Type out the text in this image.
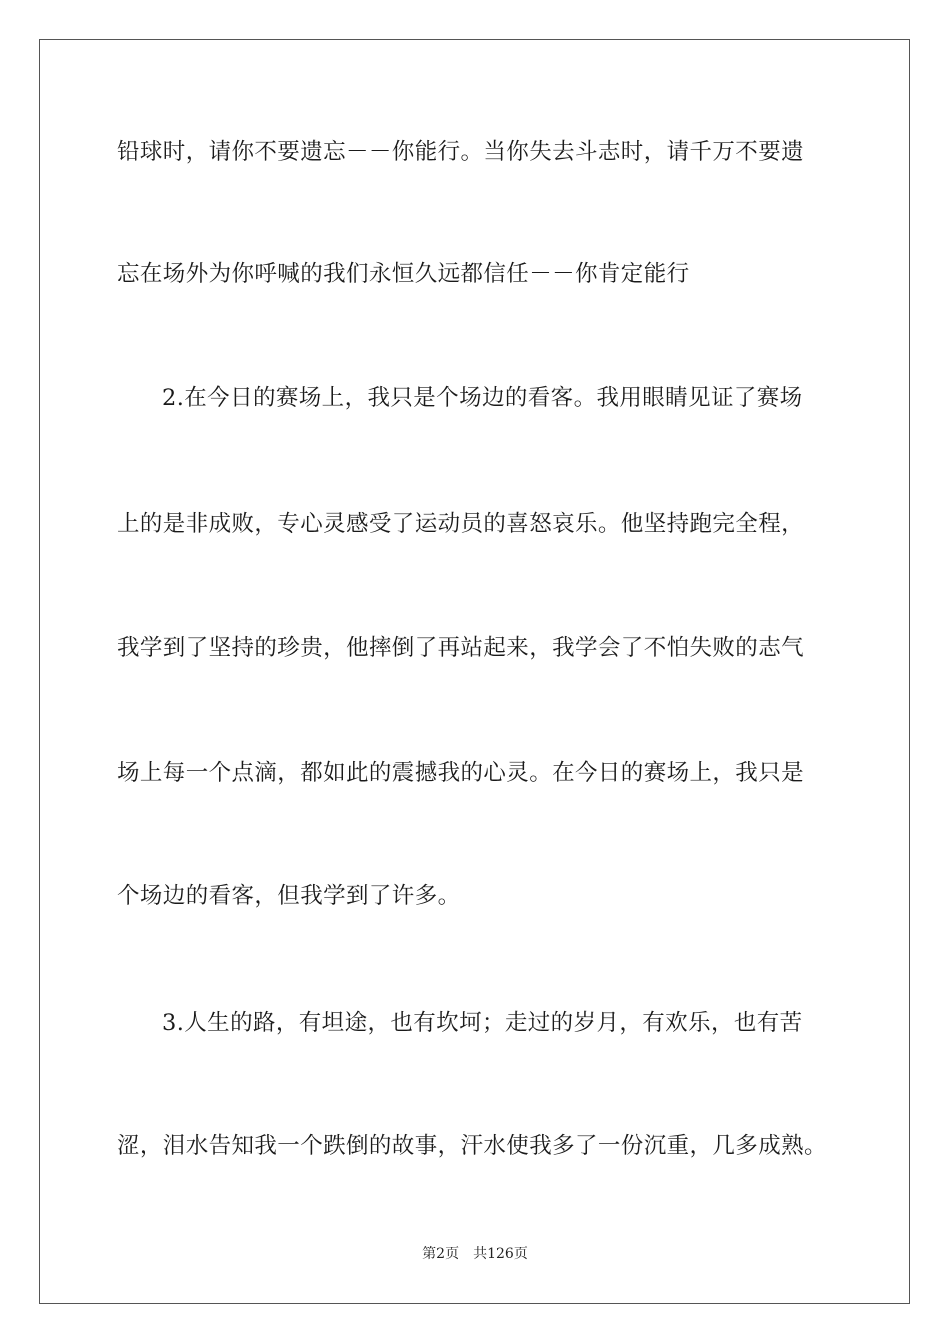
铅球时，请你不要遗忘－－你能行。当你失去斗志时，请千万不要遗
忘在场外为你呼喊的我们永恒久远都信任－－你肯定能行
2.在今日的赛场上，我只是个场边的看客。我用眼睛见证了赛场
上的是非成败，专心灵感受了运动员的喜怒哀乐。他坚持跑完全程，
我学到了坚持的珍贵，他摔倒了再站起来，我学会了不怕失败的志气
场上每一个点滴，都如此的震撼我的心灵。在今日的赛场上，我只是
个场边的看客，但我学到了许多。
3.人生的路，有坦途，也有坎坷；走过的岁月，有欢乐，也有苦
涩，泪水告知我一个跌倒的故事，汗水使我多了一份沉重，几多成熟。
第2页 共126页
